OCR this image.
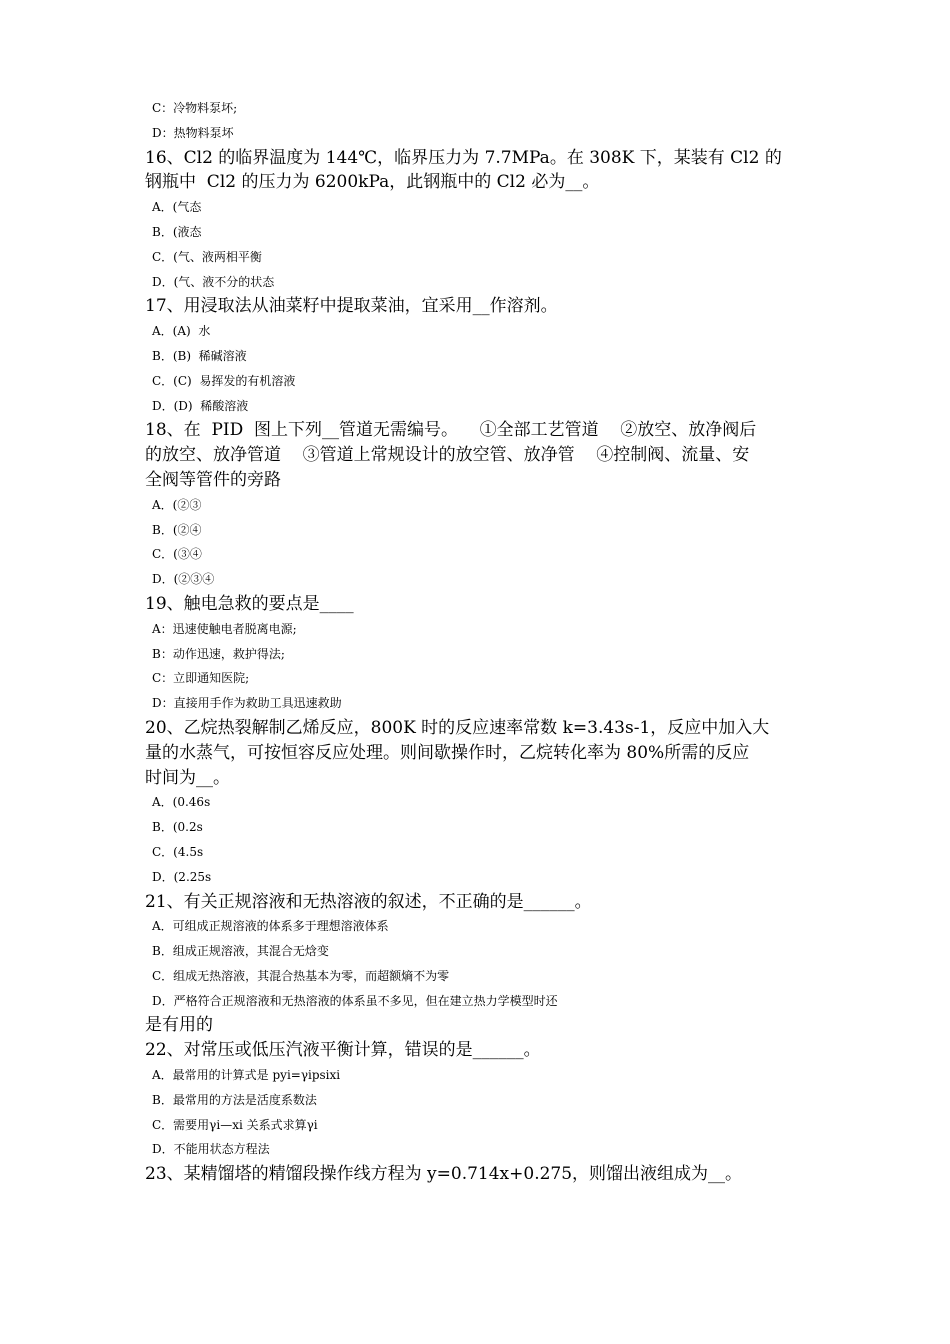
C：冷物料泵坏;
D：热物料泵坏
16、Cl2 的临界温度为 144℃，临界压力为 7.7MPa。在 308K 下，某装有 Cl2 的
钢瓶中  Cl2 的压力为 6200kPa，此钢瓶中的 Cl2 必为__。
A．(气态
B．(液态
C．(气、液两相平衡
D．(气、液不分的状态
17、用浸取法从油菜籽中提取菜油，宜采用__作溶剂。
A．(A)  水
B．(B)  稀碱溶液
C．(C)  易挥发的有机溶液
D．(D)  稀酸溶液
18、在  PID  图上下列__管道无需编号。    ①全部工艺管道    ②放空、放净阀后
的放空、放净管道    ③管道上常规设计的放空管、放净管    ④控制阀、流量、安
全阀等管件的旁路
A．(②③
B．(②④
C．(③④
D．(②③④
19、触电急救的要点是____
A：迅速使触电者脱离电源;
B：动作迅速，救护得法;
C：立即通知医院;
D：直接用手作为救助工具迅速救助
20、乙烷热裂解制乙烯反应，800K 时的反应速率常数 k=3.43s-1，反应中加入大
量的水蒸气，可按恒容反应处理。则间歇操作时，乙烷转化率为 80%所需的反应
时间为__。
A．(0.46s
B．(0.2s
C．(4.5s
D．(2.25s
21、有关正规溶液和无热溶液的叙述，不正确的是______。
A．可组成正规溶液的体系多于理想溶液体系
B．组成正规溶液，其混合无焓变
C．组成无热溶液，其混合热基本为零，而超额熵不为零
D．严格符合正规溶液和无热溶液的体系虽不多见，但在建立热力学模型时还
是有用的
22、对常压或低压汽液平衡计算，错误的是______。
A．最常用的计算式是 pyi=γipsixi
B．最常用的方法是活度系数法
C．需要用γi—xi 关系式求算γi
D．不能用状态方程法
23、某精馏塔的精馏段操作线方程为 y=0.714x+0.275，则馏出液组成为__。
